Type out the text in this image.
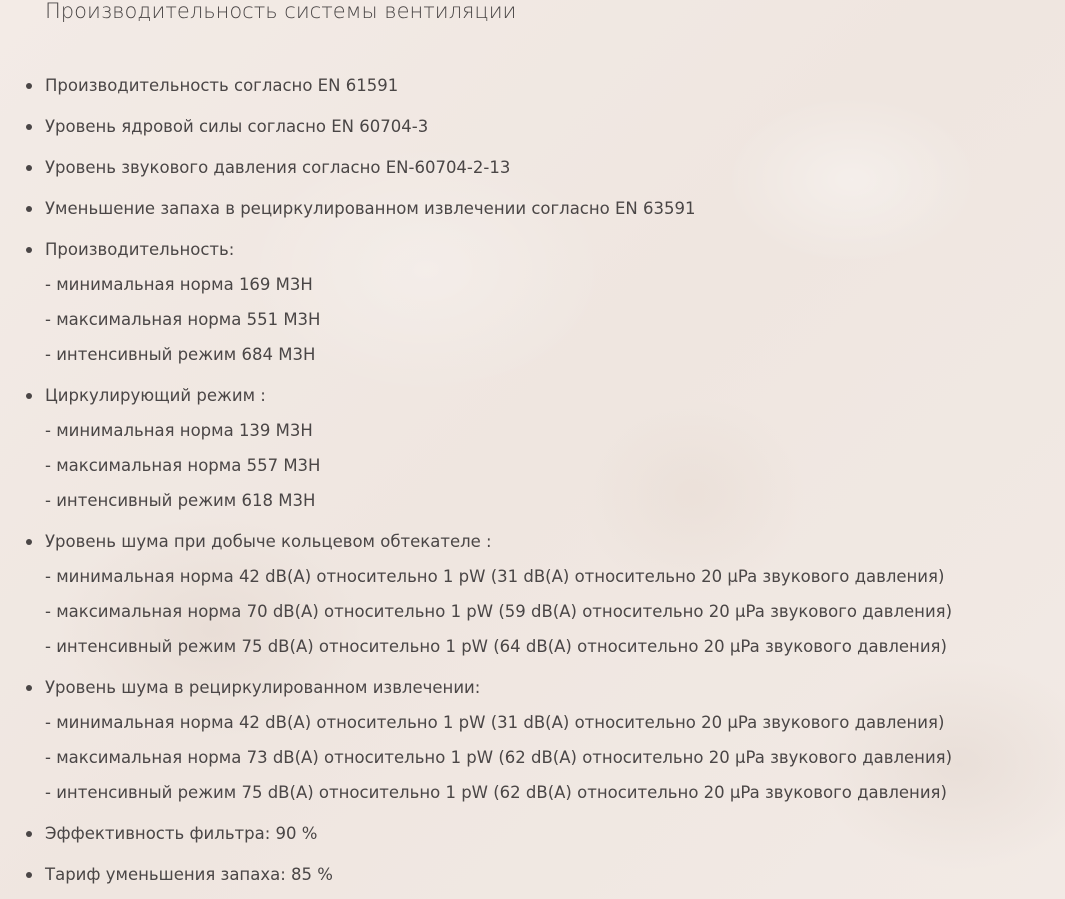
Производительность системы вентиляции
Производительность согласно EN 61591
Уровень ядровой силы согласно EN 60704-3
Уровень звукового давления согласно EN-60704-2-13
Уменьшение запаха в рециркулированном извлечении согласно EN 63591
Производительность:
- минимальная норма 169 M3H
- максимальная норма 551 M3H
- интенсивный режим 684 M3H
Циркулирующий режим :
- минимальная норма 139 M3H
- максимальная норма 557 M3H
- интенсивный режим 618 M3H
Уровень шума при добыче кольцевом обтекателе :
- минимальная норма 42 dB(A) относительно 1 pW (31 dB(A) относительно 20 μPa звукового давления)
- максимальная норма 70 dB(A) относительно 1 pW (59 dB(A) относительно 20 μPa звукового давления)
- интенсивный режим 75 dB(A) относительно 1 pW (64 dB(A) относительно 20 μPa звукового давления)
Уровень шума в рециркулированном извлечении:
- минимальная норма 42 dB(A) относительно 1 pW (31 dB(A) относительно 20 μPa звукового давления)
- максимальная норма 73 dB(A) относительно 1 pW (62 dB(A) относительно 20 μPa звукового давления)
- интенсивный режим 75 dB(A) относительно 1 pW (62 dB(A) относительно 20 μPa звукового давления)
Эффективность фильтра: 90 %
Тариф уменьшения запаха: 85 %
